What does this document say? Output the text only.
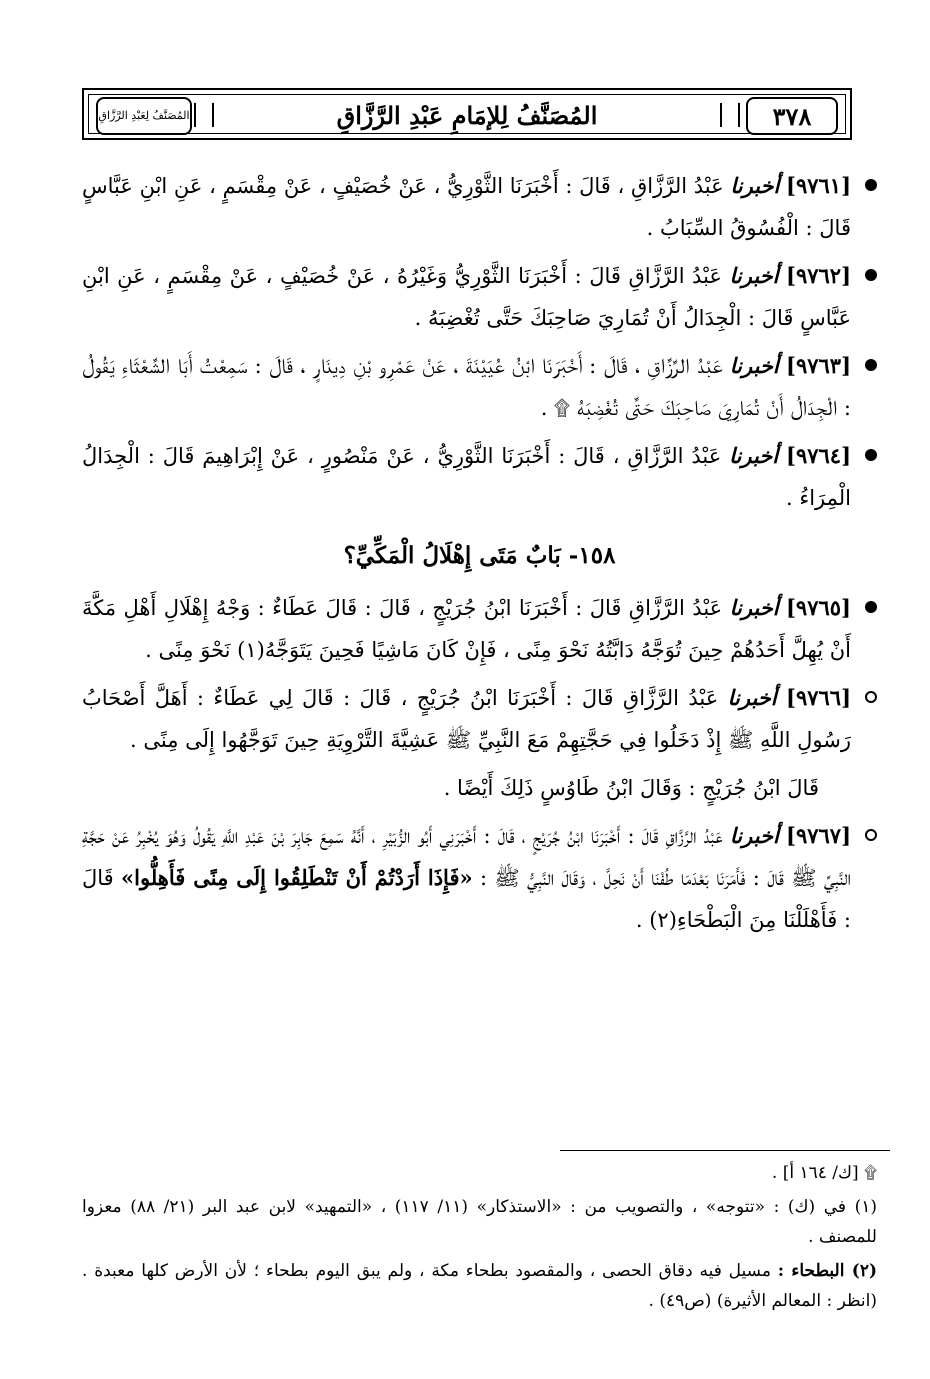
المُصَنَّفُ لِعَبْدِ الرَّزَّاقِ	المُصَنَّفُ لِلإمَامِ عَبْدِ الرَّزَّاقِ	٣٧٨

[٩٧٦١] أخبرنا عَبْدُ الرَّزَّاقِ ، قَالَ : أَخْبَرَنَا الثَّوْرِيُّ ، عَنْ خُصَيْفٍ ، عَنْ مِقْسَمٍ ، عَنِ ابْنِ عَبَّاسٍ قَالَ : الْفُسُوقُ السِّبَابُ .

[٩٧٦٢] أخبرنا عَبْدُ الرَّزَّاقِ قَالَ : أَخْبَرَنَا الثَّوْرِيُّ وَغَيْرُهُ ، عَنْ خُصَيْفٍ ، عَنْ مِقْسَمٍ ، عَنِ ابْنِ عَبَّاسٍ قَالَ : الْجِدَالُ أَنْ تُمَارِيَ صَاحِبَكَ حَتَّى تُغْضِبَهُ .

[٩٧٦٣] أخبرنا عَبْدُ الرَّزَّاقِ ، قَالَ : أَخْبَرَنَا ابْنُ عُيَيْنَةَ ، عَنْ عَمْرِو بْنِ دِينَارٍ ، قَالَ : سَمِعْتُ أَبَا الشَّعْثَاءِ يَقُولُ : الْجِدَالُ أَنْ تُمَارِيَ صَاحِبَكَ حَتَّى تُغْضِبَهُ ۩ .

[٩٧٦٤] أخبرنا عَبْدُ الرَّزَّاقِ ، قَالَ : أَخْبَرَنَا الثَّوْرِيُّ ، عَنْ مَنْصُورٍ ، عَنْ إِبْرَاهِيمَ قَالَ : الْجِدَالُ الْمِرَاءُ .

١٥٨- بَابٌ مَتَى إِهْلَالُ الْمَكِّيِّ؟

[٩٧٦٥] أخبرنا عَبْدُ الرَّزَّاقِ قَالَ : أَخْبَرَنَا ابْنُ جُرَيْجٍ ، قَالَ : قَالَ عَطَاءٌ : وَجْهُ إِهْلَالِ أَهْلِ مَكَّةَ أَنْ يُهِلَّ أَحَدُهُمْ حِينَ تُوَجَّهُ دَابَّتُهُ نَحْوَ مِنًى ، فَإِنْ كَانَ مَاشِيًا فَحِينَ يَتَوَجَّهُ(١) نَحْوَ مِنًى .

[٩٧٦٦] أخبرنا عَبْدُ الرَّزَّاقِ قَالَ : أَخْبَرَنَا ابْنُ جُرَيْجٍ ، قَالَ : قَالَ لِي عَطَاءٌ : أَهَلَّ أَصْحَابُ رَسُولِ اللَّهِ ﷺ إِذْ دَخَلُوا فِي حَجَّتِهِمْ مَعَ النَّبِيِّ ﷺ عَشِيَّةَ التَّرْوِيَةِ حِينَ تَوَجَّهُوا إِلَى مِنًى .

قَالَ ابْنُ جُرَيْجٍ : وَقَالَ ابْنُ طَاوُسٍ ذَلِكَ أَيْضًا .

[٩٧٦٧] أخبرنا عَبْدُ الرَّزَّاقِ قَالَ : أَخْبَرَنَا ابْنُ جُرَيْجٍ ، قَالَ : أَخْبَرَنِي أَبُو الزُّبَيْرِ ، أَنَّهُ سَمِعَ جَابِرَ بْنَ عَبْدِ اللَّهِ يَقُولُ وَهُوَ يُخْبِرُ عَنْ حَجَّةِ النَّبِيِّ ﷺ قَالَ : فَأَمَرَنَا بَعْدَمَا طُفْنَا أَنْ نَحِلَّ ، وَقَالَ النَّبِيُّ ﷺ : «فَإِذَا أَرَدْتُمْ أَنْ تَنْطَلِقُوا إِلَى مِنًى فَأَهِلُّوا» قَالَ : فَأَهْلَلْنَا مِنَ الْبَطْحَاءِ(٢) .

۩ [ك/ ١٦٤ أ] .

(١) في (ك) : «تتوجه» ، والتصويب من : «الاستذكار» (١١/ ١١٧) ، «التمهيد» لابن عبد البر (٢١/ ٨٨) معزوا للمصنف .

(٢) البطحاء : مسيل فيه دقاق الحصى ، والمقصود بطحاء مكة ، ولم يبق اليوم بطحاء ؛ لأن الأرض كلها معبدة . (انظر : المعالم الأثيرة) (ص٤٩) .
